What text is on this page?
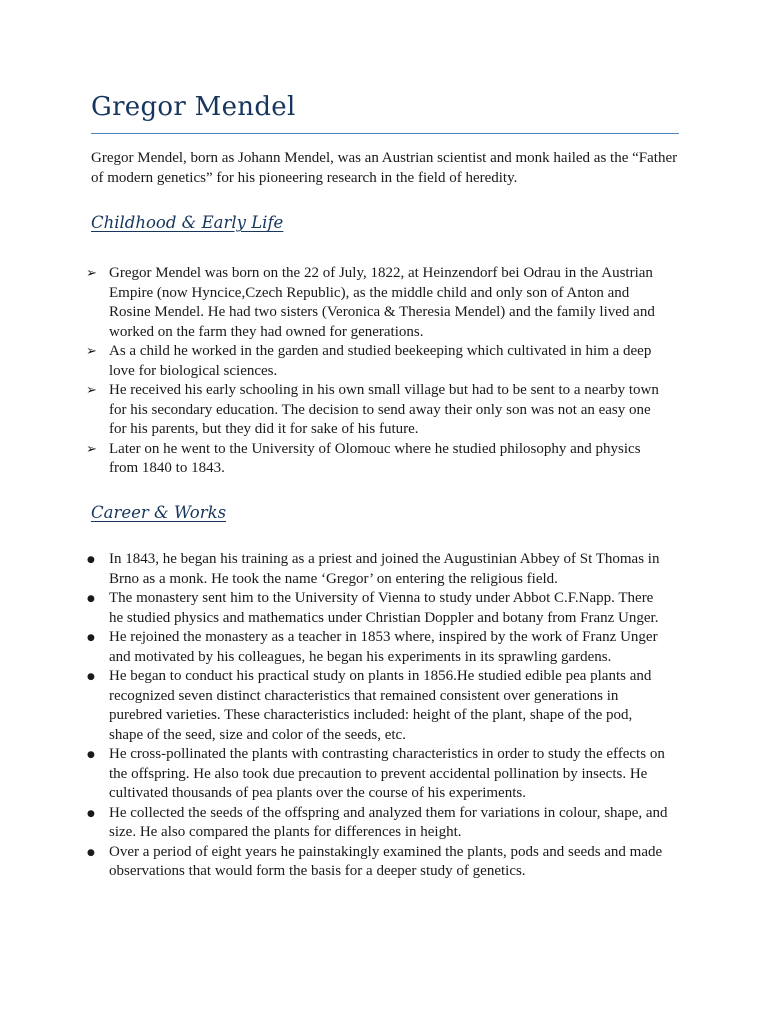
Gregor Mendel

Gregor Mendel, born as Johann Mendel, was an Austrian scientist and monk hailed as the “Father of modern genetics” for his pioneering research in the field of heredity.

Childhood & Early Life
➢ Gregor Mendel was born on the 22 of July, 1822, at Heinzendorf bei Odrau in the Austrian Empire (now Hyncice,Czech Republic), as the middle child and only son of Anton and Rosine Mendel. He had two sisters (Veronica & Theresia Mendel) and the family lived and worked on the farm they had owned for generations.
➢ As a child he worked in the garden and studied beekeeping which cultivated in him a deep love for biological sciences.
➢ He received his early schooling in his own small village but had to be sent to a nearby town for his secondary education. The decision to send away their only son was not an easy one for his parents, but they did it for sake of his future.
➢ Later on he went to the University of Olomouc where he studied philosophy and physics from 1840 to 1843.
Career & Works
● In 1843, he began his training as a priest and joined the Augustinian Abbey of St Thomas in Brno as a monk. He took the name ‘Gregor’ on entering the religious field.
● The monastery sent him to the University of Vienna to study under Abbot C.F.Napp. There he studied physics and mathematics under Christian Doppler and botany from Franz Unger.
● He rejoined the monastery as a teacher in 1853 where, inspired by the work of Franz Unger and motivated by his colleagues, he began his experiments in its sprawling gardens.
● He began to conduct his practical study on plants in 1856.He studied edible pea plants and recognized seven distinct characteristics that remained consistent over generations in purebred varieties. These characteristics included: height of the plant, shape of the pod, shape of the seed, size and color of the seeds, etc.
● He cross-pollinated the plants with contrasting characteristics in order to study the effects on the offspring. He also took due precaution to prevent accidental pollination by insects. He cultivated thousands of pea plants over the course of his experiments.
● He collected the seeds of the offspring and analyzed them for variations in colour, shape, and size. He also compared the plants for differences in height.
● Over a period of eight years he painstakingly examined the plants, pods and seeds and made observations that would form the basis for a deeper study of genetics.
